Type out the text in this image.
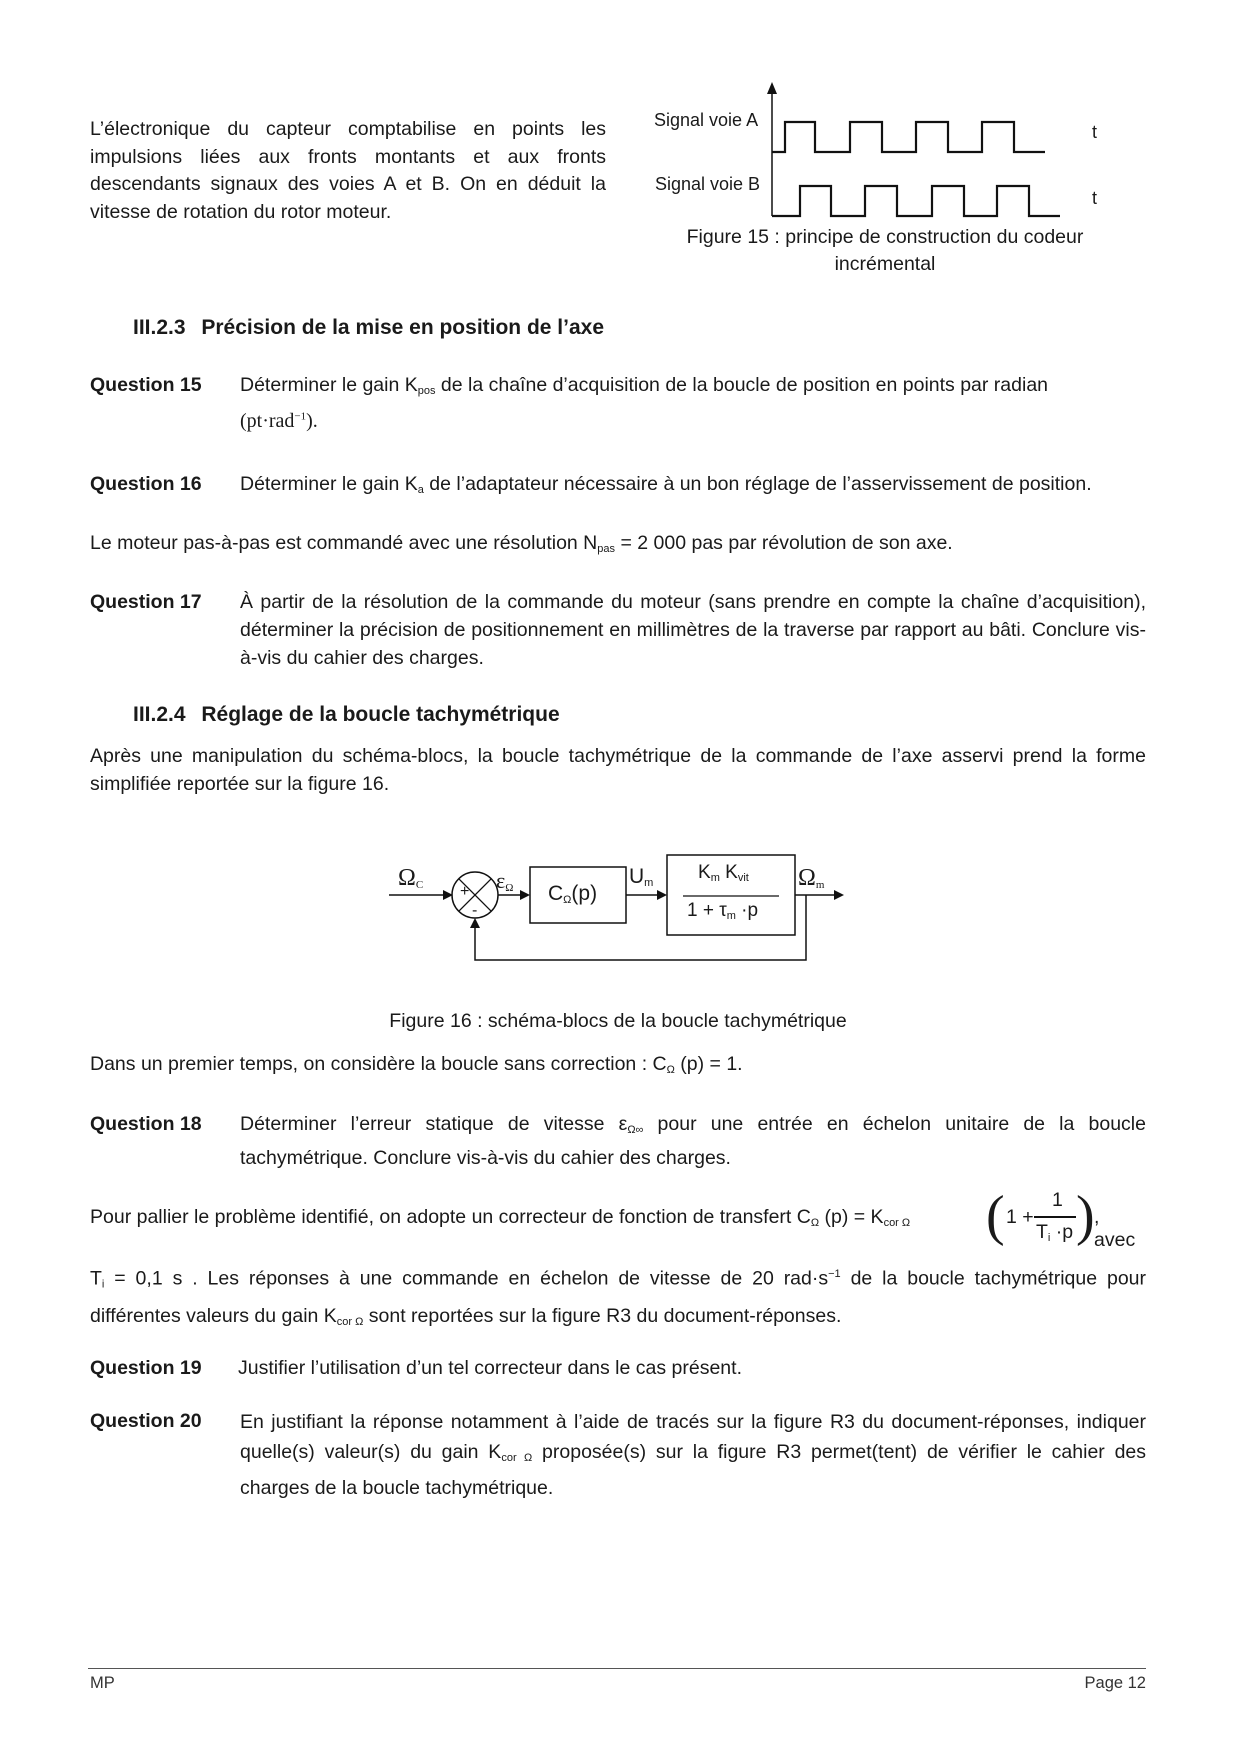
L’électronique du capteur comptabilise en points les impulsions liées aux fronts montants et aux fronts descendants signaux des voies A et B. On en déduit la vitesse de rotation du rotor moteur.
Signal voie A
Signal voie B
t
t
Figure 15 : principe de construction du codeur incrémental
III.2.3 Précision de la mise en position de l’axe
Question 15 Déterminer le gain $K_{pos}$ de la chaîne d’acquisition de la boucle de position en points par radian
(pt·rad$^{-1}$).
Question 16 Déterminer le gain $K_a$ de l’adaptateur nécessaire à un bon réglage de l’asservissement de position.
Le moteur pas-à-pas est commandé avec une résolution $N_{pas} = 2$ 000 pas par révolution de son axe.
Question 17 À partir de la résolution de la commande du moteur (sans prendre en compte la chaîne d’acquisition), déterminer la précision de positionnement en millimètres de la traverse par rapport au bâti. Conclure vis-à-vis du cahier des charges.
III.2.4 Réglage de la boucle tachymétrique
Après une manipulation du schéma-blocs, la boucle tachymétrique de la commande de l’axe asservi prend la forme simplifiée reportée sur la figure 16.
$\Omega_C$ +
-
$\varepsilon_\Omega$ $C_\Omega(p)$
$U_m$ $K_m$ $K_{vit}$
$1 + \tau_m \cdot p$
$\Omega_m$
Figure 16 : schéma-blocs de la boucle tachymétrique
Dans un premier temps, on considère la boucle sans correction : $C_\Omega$ (p) = 1.
Question 18 Déterminer l’erreur statique de vitesse $\varepsilon_{\Omega\infty}$ pour une entrée en échelon unitaire de la boucle tachymétrique. Conclure vis-à-vis du cahier des charges.
Pour pallier le problème identifié, on adopte un correcteur de fonction de transfert $C_\Omega$ $(p) = K_{cor \Omega}$ ( 1 +
1
$T_i \cdot p$ ) , avec
$T_i = 0,1$ s . Les réponses à une commande en échelon de vitesse de 20 $rad\cdot s^{-1}$ de la boucle tachymétrique pour différentes valeurs du gain $K_{cor \Omega}$ sont reportées sur la figure R3 du document-réponses.
Question 19 Justifier l’utilisation d’un tel correcteur dans le cas présent.
Question 20 En justifiant la réponse notamment à l’aide de tracés sur la figure R3 du document-réponses, indiquer quelle(s) valeur(s) du gain $K_{cor \Omega}$ proposée(s) sur la figure R3 permet(tent) de vérifier le cahier des charges de la boucle tachymétrique.
MP	Page 12
